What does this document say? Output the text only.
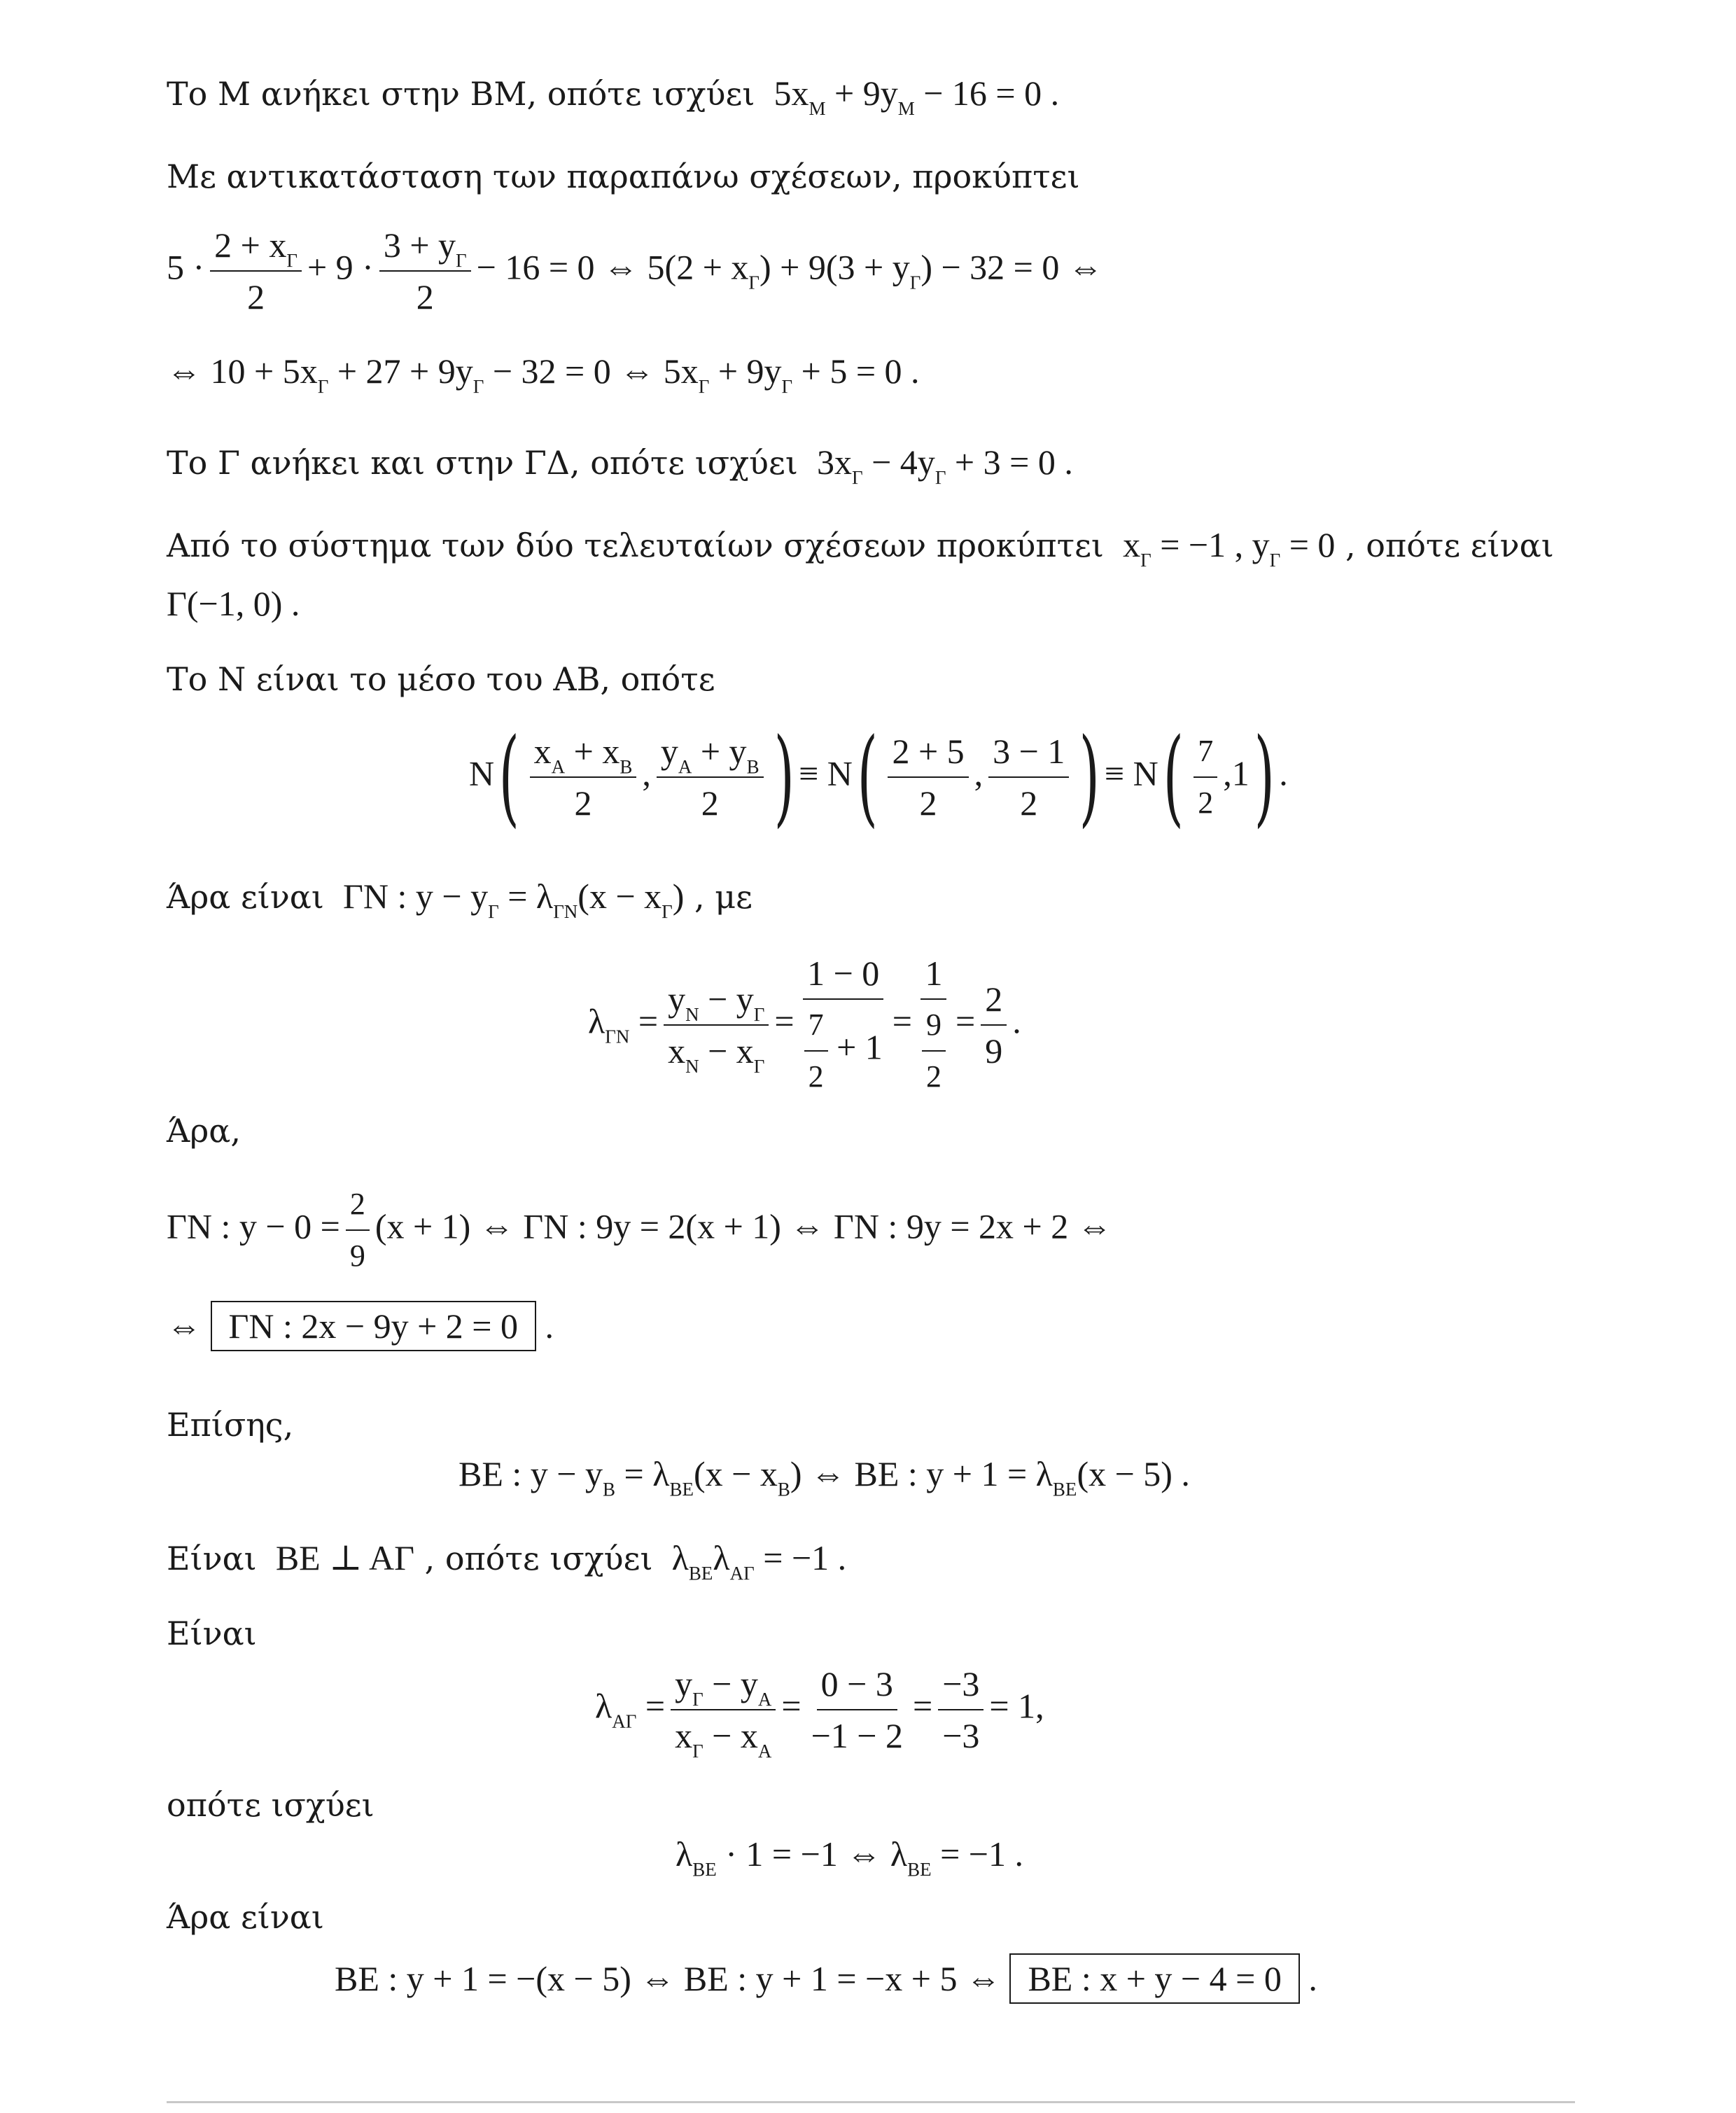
Το Μ ανήκει στην ΒΜ, οπότε ισχύει $5x_M + 9y_M - 16 = 0$ .
Με αντικατάσταση των παραπάνω σχέσεων, προκύπτει
$5 \cdot \frac{2 + x_\Gamma}{2} + 9 \cdot \frac{3 + y_\Gamma}{2} - 16 = 0$ ⇔ $5(2 + x_\Gamma) + 9(3 + y_\Gamma) - 32 = 0$ ⇔
⇔ $10 + 5x_\Gamma + 27 + 9y_\Gamma - 32 = 0$ ⇔ $5x_\Gamma + 9y_\Gamma + 5 = 0$ .
Το Γ ανήκει και στην ΓΔ, οπότε ισχύει  $3x_\Gamma - 4y_\Gamma + 3 = 0$ .
Από το σύστημα των δύο τελευταίων σχέσεων προκύπτει  $x_\Gamma = -1$ , $y_\Gamma = 0$ , οπότε είναι
Γ(−1, 0) .
Το Ν είναι το μέσο του ΑΒ, οπότε
$N( \frac{x_A + x_B}{2}$ , $\frac{y_A + y_B}{2}$ ) ≡ $N( \frac{2 + 5}{2}$ , $\frac{3 - 1}{2}$ ) ≡ $N( \frac{7}{2} ,1)$ .
Άρα είναι  ΓΝ : $y - y_\Gamma = \lambda_{\Gamma N}(x - x_\Gamma)$ , με
$\lambda_{\Gamma N} = \frac{y_N - y_\Gamma}{x_N - x_\Gamma} = \frac{1 - 0}{\frac{7}{2} + 1} = \frac{1}{\frac{9}{2}} = \frac{2}{9}$ .
Άρα,
ΓΝ : $y - 0 = \frac{2}{9} (x + 1)$ ⇔ ΓΝ : 9y = 2(x + 1) ⇔ ΓΝ : 9y = 2x + 2 ⇔
⇔ ΓΝ : 2x − 9y + 2 = 0 .
Επίσης,
ΒΕ : $y - y_B = \lambda_{BE}(x - x_B)$ ⇔ ΒΕ : $y + 1 = \lambda_{BE}(x - 5)$ .
Είναι  ΒΕ ⊥ ΑΓ , οπότε ισχύει  $\lambda_{BE}\lambda_{A\Gamma} = -1$ .
Είναι
$\lambda_{A\Gamma} = \frac{y_\Gamma - y_A}{x_\Gamma - x_A} = \frac{0 - 3}{-1 - 2} = \frac{-3}{-3} = 1$,
οπότε ισχύει
$\lambda_{BE} \cdot 1 = -1$ ⇔ $\lambda_{BE} = -1$ .
Άρα είναι
ΒΕ : y + 1 = −(x − 5) ⇔ ΒΕ : y + 1 = −x + 5 ⇔ ΒΕ : x + y − 4 = 0 .
